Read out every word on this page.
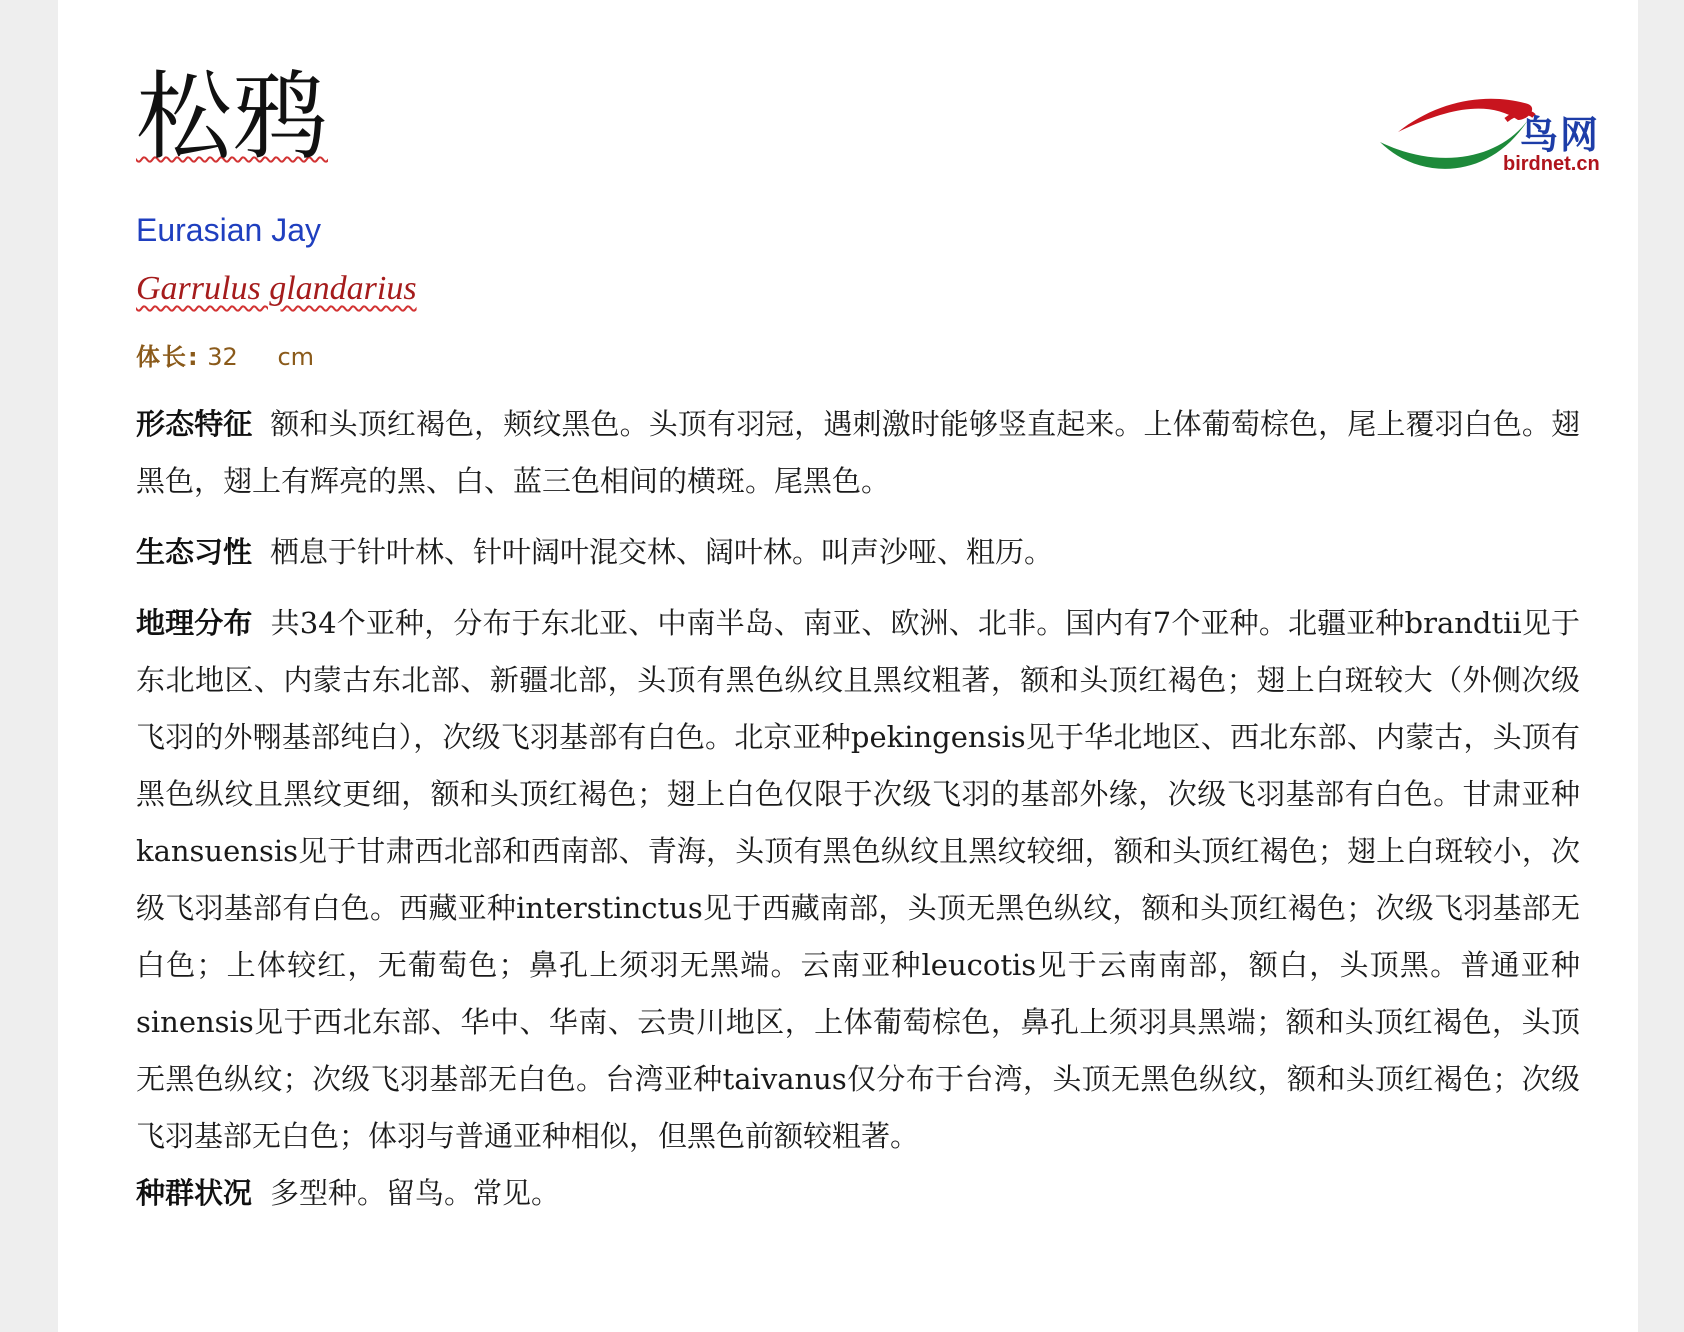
松鸦
Eurasian Jay
Garrulus glandarius
体长: 32 cm
鸟网
birdnet.cn

形态特征 额和头顶红褐色，颊纹黑色。头顶有羽冠，遇刺激时能够竖直起来。上体葡萄棕色，尾上覆羽白色。翅黑色，翅上有辉亮的黑、白、蓝三色相间的横斑。尾黑色。

生态习性 栖息于针叶林、针叶阔叶混交林、阔叶林。叫声沙哑、粗历。

地理分布 共34个亚种，分布于东北亚、中南半岛、南亚、欧洲、北非。国内有7个亚种。北疆亚种brandtii见于东北地区、内蒙古东北部、新疆北部，头顶有黑色纵纹且黑纹粗著，额和头顶红褐色；翅上白斑较大（外侧次级飞羽的外翈基部纯白），次级飞羽基部有白色。北京亚种pekingensis见于华北地区、西北东部、内蒙古，头顶有黑色纵纹且黑纹更细，额和头顶红褐色；翅上白色仅限于次级飞羽的基部外缘，次级飞羽基部有白色。甘肃亚种kansuensis见于甘肃西北部和西南部、青海，头顶有黑色纵纹且黑纹较细，额和头顶红褐色；翅上白斑较小，次级飞羽基部有白色。西藏亚种interstinctus见于西藏南部，头顶无黑色纵纹，额和头顶红褐色；次级飞羽基部无白色；上体较红，无葡萄色；鼻孔上须羽无黑端。云南亚种leucotis见于云南南部，额白，头顶黑。普通亚种sinensis见于西北东部、华中、华南、云贵川地区，上体葡萄棕色，鼻孔上须羽具黑端；额和头顶红褐色，头顶无黑色纵纹；次级飞羽基部无白色。台湾亚种taivanus仅分布于台湾，头顶无黑色纵纹，额和头顶红褐色；次级飞羽基部无白色；体羽与普通亚种相似，但黑色前额较粗著。

种群状况 多型种。留鸟。常见。
